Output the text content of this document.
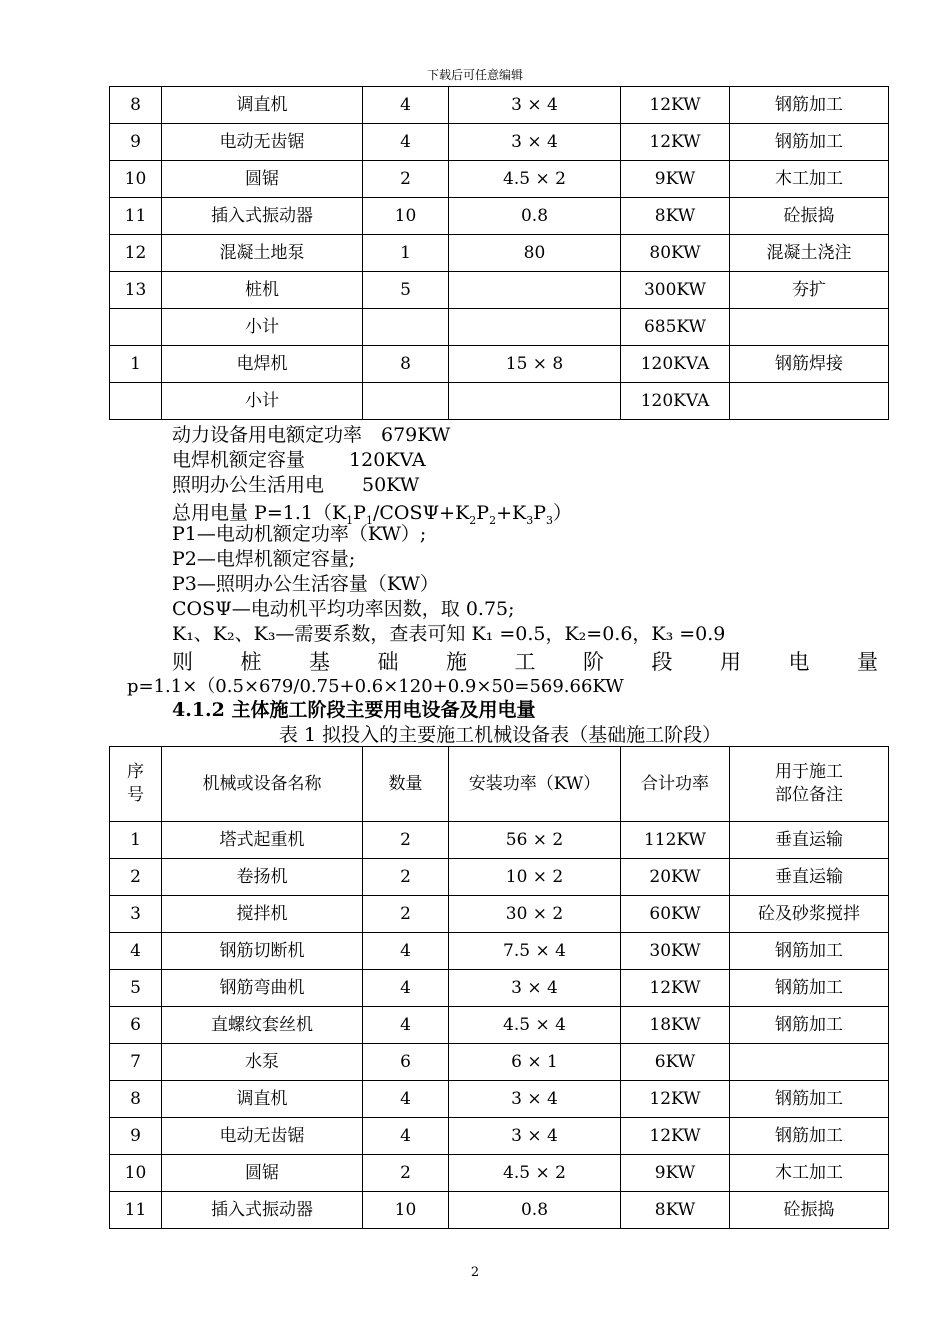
下载后可任意编辑
8	调直机	4	3 × 4	12KW	钢筋加工
9	电动无齿锯	4	3 × 4	12KW	钢筋加工
10	圆锯	2	4.5 × 2	9KW	木工加工
11	插入式振动器	10	0.8	8KW	砼振捣
12	混凝土地泵	1	80	80KW	混凝土浇注
13	桩机	5		300KW	夯扩
	小计			685KW	
1	电焊机	8	15 × 8	120KVA	钢筋焊接
	小计			120KVA	
动力设备用电额定功率　679KW
电焊机额定容量　　 120KVA
照明办公生活用电　　50KW
总用电量 $P=1.1(K_1P_1/COS\Psi+K_2P_2+K_3P_3)$
P1—电动机额定功率（KW）;
P2—电焊机额定容量;
P3—照明办公生活容量（KW）
COSΨ—电动机平均功率因数，取 0.75;
K₁、K₂、K₃—需要系数，查表可知 K₁ =0.5，K₂=0.6，K₃ =0.9
则 桩 基 础 施 工 阶 段 用 电 量
p=1.1×（0.5×679/0.75+0.6×120+0.9×50=569.66KW
4.1.2 主体施工阶段主要用电设备及用电量
表 1 拟投入的主要施工机械设备表（基础施工阶段）
序
号	机械或设备名称	数量	安装功率（KW）	合计功率	用于施工
部位备注
1	塔式起重机	2	56 × 2	112KW	垂直运输
2	卷扬机	2	10 × 2	20KW	垂直运输
3	搅拌机	2	30 × 2	60KW	砼及砂浆搅拌
4	钢筋切断机	4	7.5 × 4	30KW	钢筋加工
5	钢筋弯曲机	4	3 × 4	12KW	钢筋加工
6	直螺纹套丝机	4	4.5 × 4	18KW	钢筋加工
7	水泵	6	6 × 1	6KW	
8	调直机	4	3 × 4	12KW	钢筋加工
9	电动无齿锯	4	3 × 4	12KW	钢筋加工
10	圆锯	2	4.5 × 2	9KW	木工加工
11	插入式振动器	10	0.8	8KW	砼振捣
2
